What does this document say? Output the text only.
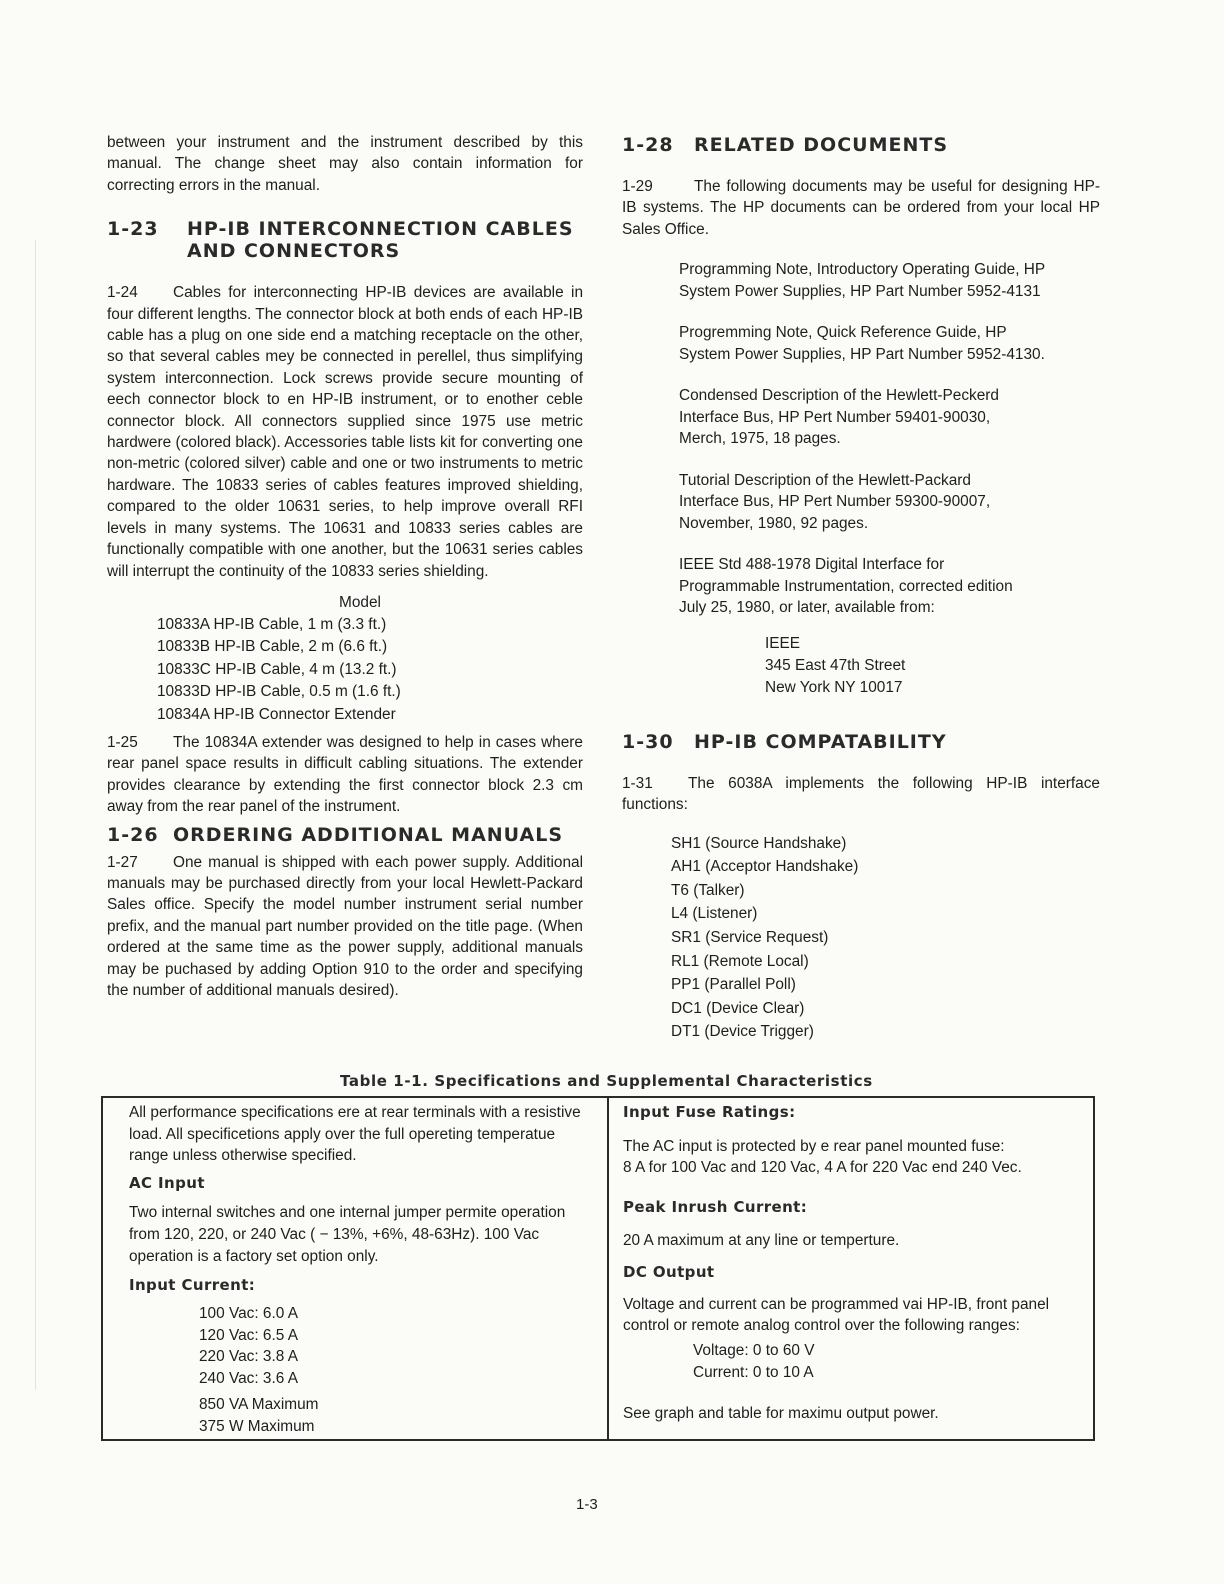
between your instrument and the instrument described by this manual. The change sheet may also contain information for correcting errors in the manual.

1-23	HP-IB INTERCONNECTION CABLES AND CONNECTORS

1-24 Cables for interconnecting HP-IB devices are available in four different lengths. The connector block at both ends of each HP-IB cable has a plug on one side end a matching receptacle on the other, so that several cables mey be connected in perellel, thus simplifying system interconnection. Lock screws provide secure mounting of eech connector block to en HP-IB instrument, or to enother ceble connector block. All connectors supplied since 1975 use metric hardwere (colored black). Accessories table lists kit for converting one non-metric (colored silver) cable and one or two instruments to metric hardware. The 10833 series of cables features improved shielding, compared to the older 10631 series, to help improve overall RFI levels in many systems. The 10631 and 10833 series cables are functionally compatible with one another, but the 10631 series cables will interrupt the continuity of the 10833 series shielding.

Model
10833A HP-IB Cable, 1 m (3.3 ft.)
10833B HP-IB Cable, 2 m (6.6 ft.)
10833C HP-IB Cable, 4 m (13.2 ft.)
10833D HP-IB Cable, 0.5 m (1.6 ft.)
10834A HP-IB Connector Extender

1-25 The 10834A extender was designed to help in cases where rear panel space results in difficult cabling situations. The extender provides clearance by extending the first connector block 2.3 cm away from the rear panel of the instrument.

1-26 ORDERING ADDITIONAL MANUALS

1-27 One manual is shipped with each power supply. Additional manuals may be purchased directly from your local Hewlett-Packard Sales office. Specify the model number instrument serial number prefix, and the manual part number provided on the title page. (When ordered at the same time as the power supply, additional manuals may be puchased by adding Option 910 to the order and specifying the number of additional manuals desired).

1-28	RELATED DOCUMENTS

1-29	The following documents may be useful for designing HP-IB systems. The HP documents can be ordered from your local HP Sales Office.

Programming Note, Introductory Operating Guide, HP
System Power Supplies, HP Part Number 5952-4131
Progremming Note, Quick Reference Guide, HP
System Power Supplies, HP Part Number 5952-4130.
Condensed Description of the Hewlett-Peckerd
Interface Bus, HP Pert Number 59401-90030,
Merch, 1975, 18 pages.
Tutorial Description of the Hewlett-Packard
Interface Bus, HP Pert Number 59300-90007,
November, 1980, 92 pages.
IEEE Std 488-1978 Digital Interface for
Programmable Instrumentation, corrected edition
July 25, 1980, or later, available from:
IEEE
345 East 47th Street
New York NY 10017
1-30	HP-IB COMPATABILITY

1-31 The 6038A implements the following HP-IB interface functions:

SH1 (Source Handshake)
AH1 (Acceptor Handshake)
T6 (Talker)
L4 (Listener)
SR1 (Service Request)
RL1 (Remote Local)
PP1 (Parallel Poll)
DC1 (Device Clear)
DT1 (Device Trigger)
Table 1-1. Specifications and Supplemental Characteristics

All performance specifications ere at rear terminals with a resistive load. All specificetions apply over the full opereting temperatue range unless otherwise specified.

AC Input

Two internal switches and one internal jumper permite operation from 120, 220, or 240 Vac ( − 13%, +6%, 48-63Hz). 100 Vac operation is a factory set option only.

Input Current:
100 Vac: 6.0 A
120 Vac: 6.5 A
220 Vac: 3.8 A
240 Vac: 3.6 A
850 VA Maximum
375 W Maximum
Input Fuse Ratings:
The AC input is protected by e rear panel mounted fuse:
8 A for 100 Vac and 120 Vac, 4 A for 220 Vac end 240 Vec.
Peak Inrush Current:

20 A maximum at any line or temperture.

DC Output

Voltage and current can be programmed vai HP-IB, front panel control or remote analog control over the following ranges:

Voltage: 0 to 60 V
Current: 0 to 10 A

See graph and table for maximu output power.

1-3
